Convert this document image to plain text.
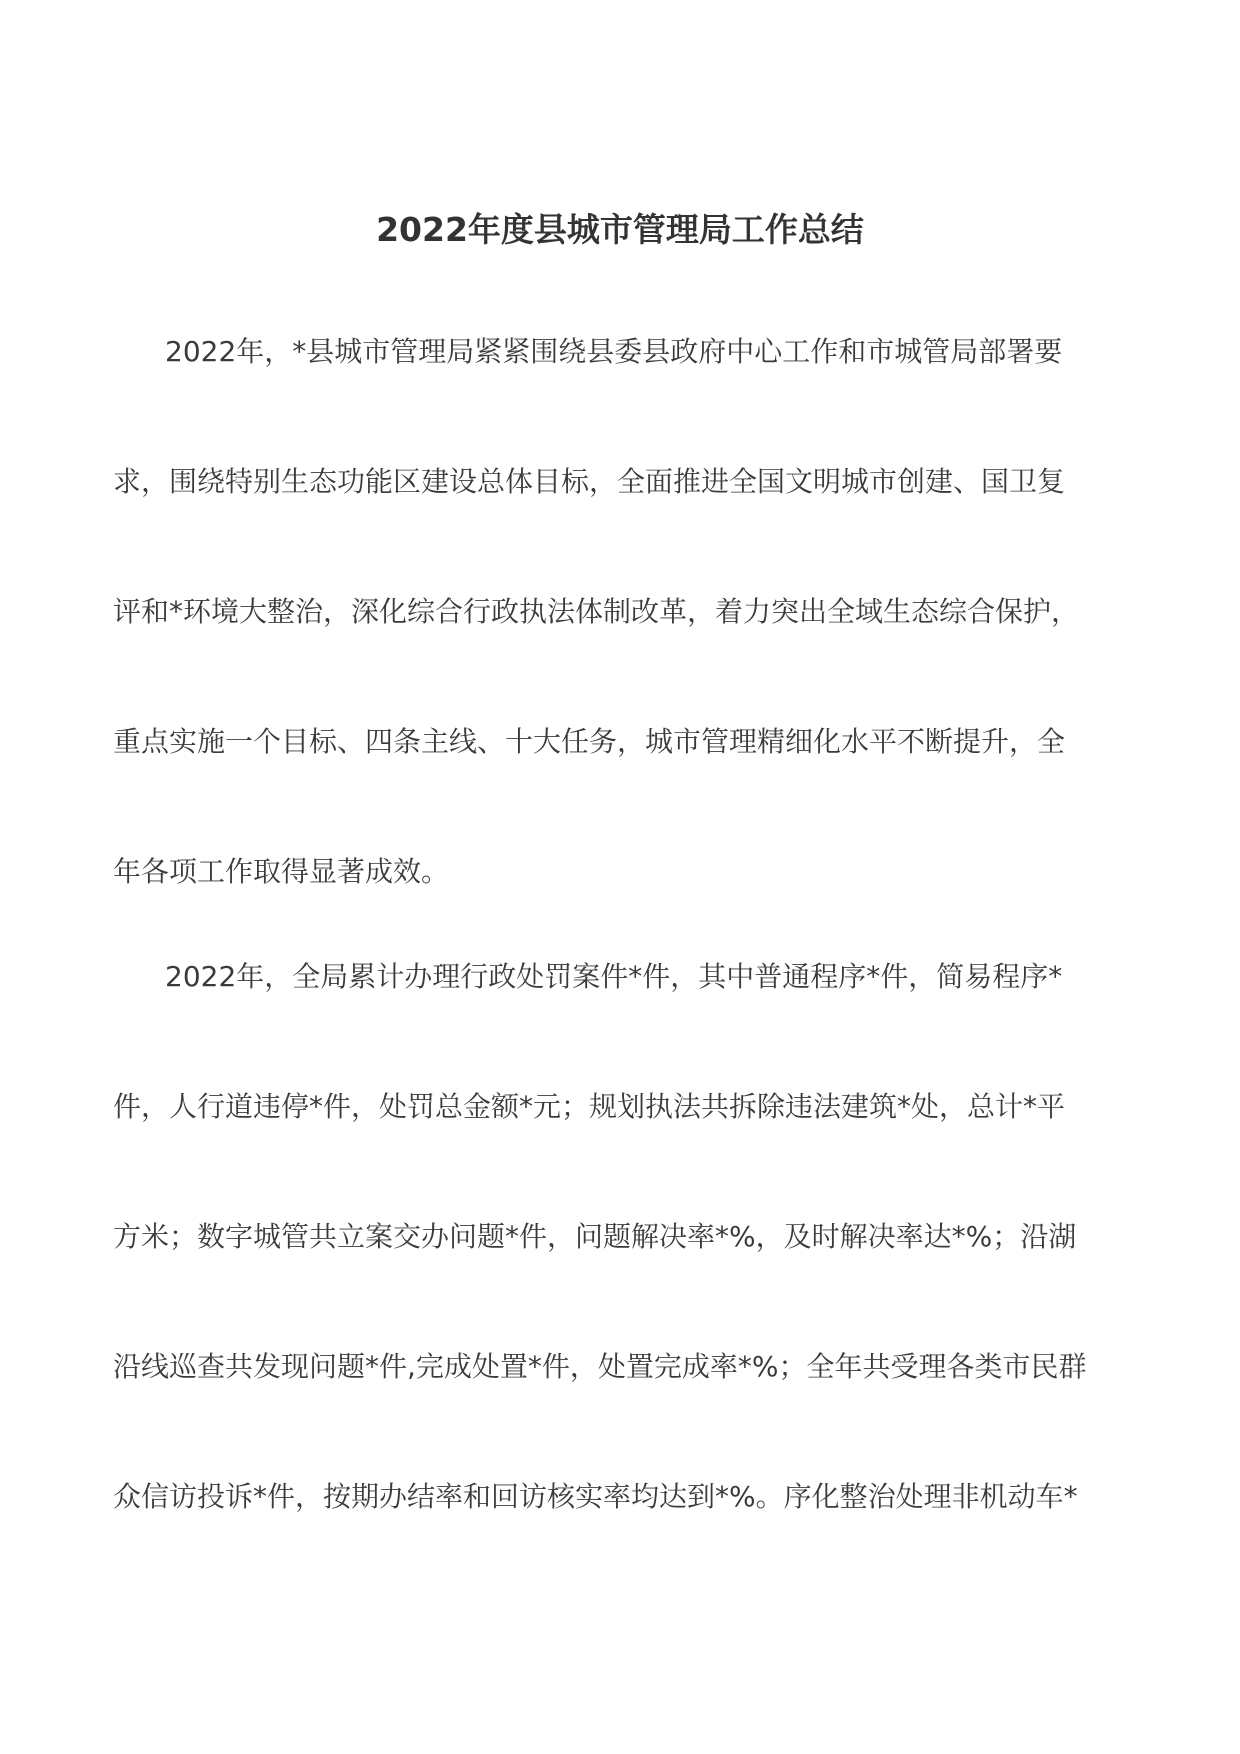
2022年度县城市管理局工作总结

2022年，*县城市管理局紧紧围绕县委县政府中心工作和市城管局部署要

求，围绕特别生态功能区建设总体目标，全面推进全国文明城市创建、国卫复

评和*环境大整治，深化综合行政执法体制改革，着力突出全域生态综合保护，

重点实施一个目标、四条主线、十大任务，城市管理精细化水平不断提升，全

年各项工作取得显著成效。

2022年，全局累计办理行政处罚案件*件，其中普通程序*件，简易程序*

件，人行道违停*件，处罚总金额*元；规划执法共拆除违法建筑*处，总计*平

方米；数字城管共立案交办问题*件，问题解决率*%，及时解决率达*%；沿湖

沿线巡查共发现问题*件,完成处置*件，处置完成率*%；全年共受理各类市民群

众信访投诉*件，按期办结率和回访核实率均达到*%。序化整治处理非机动车*
